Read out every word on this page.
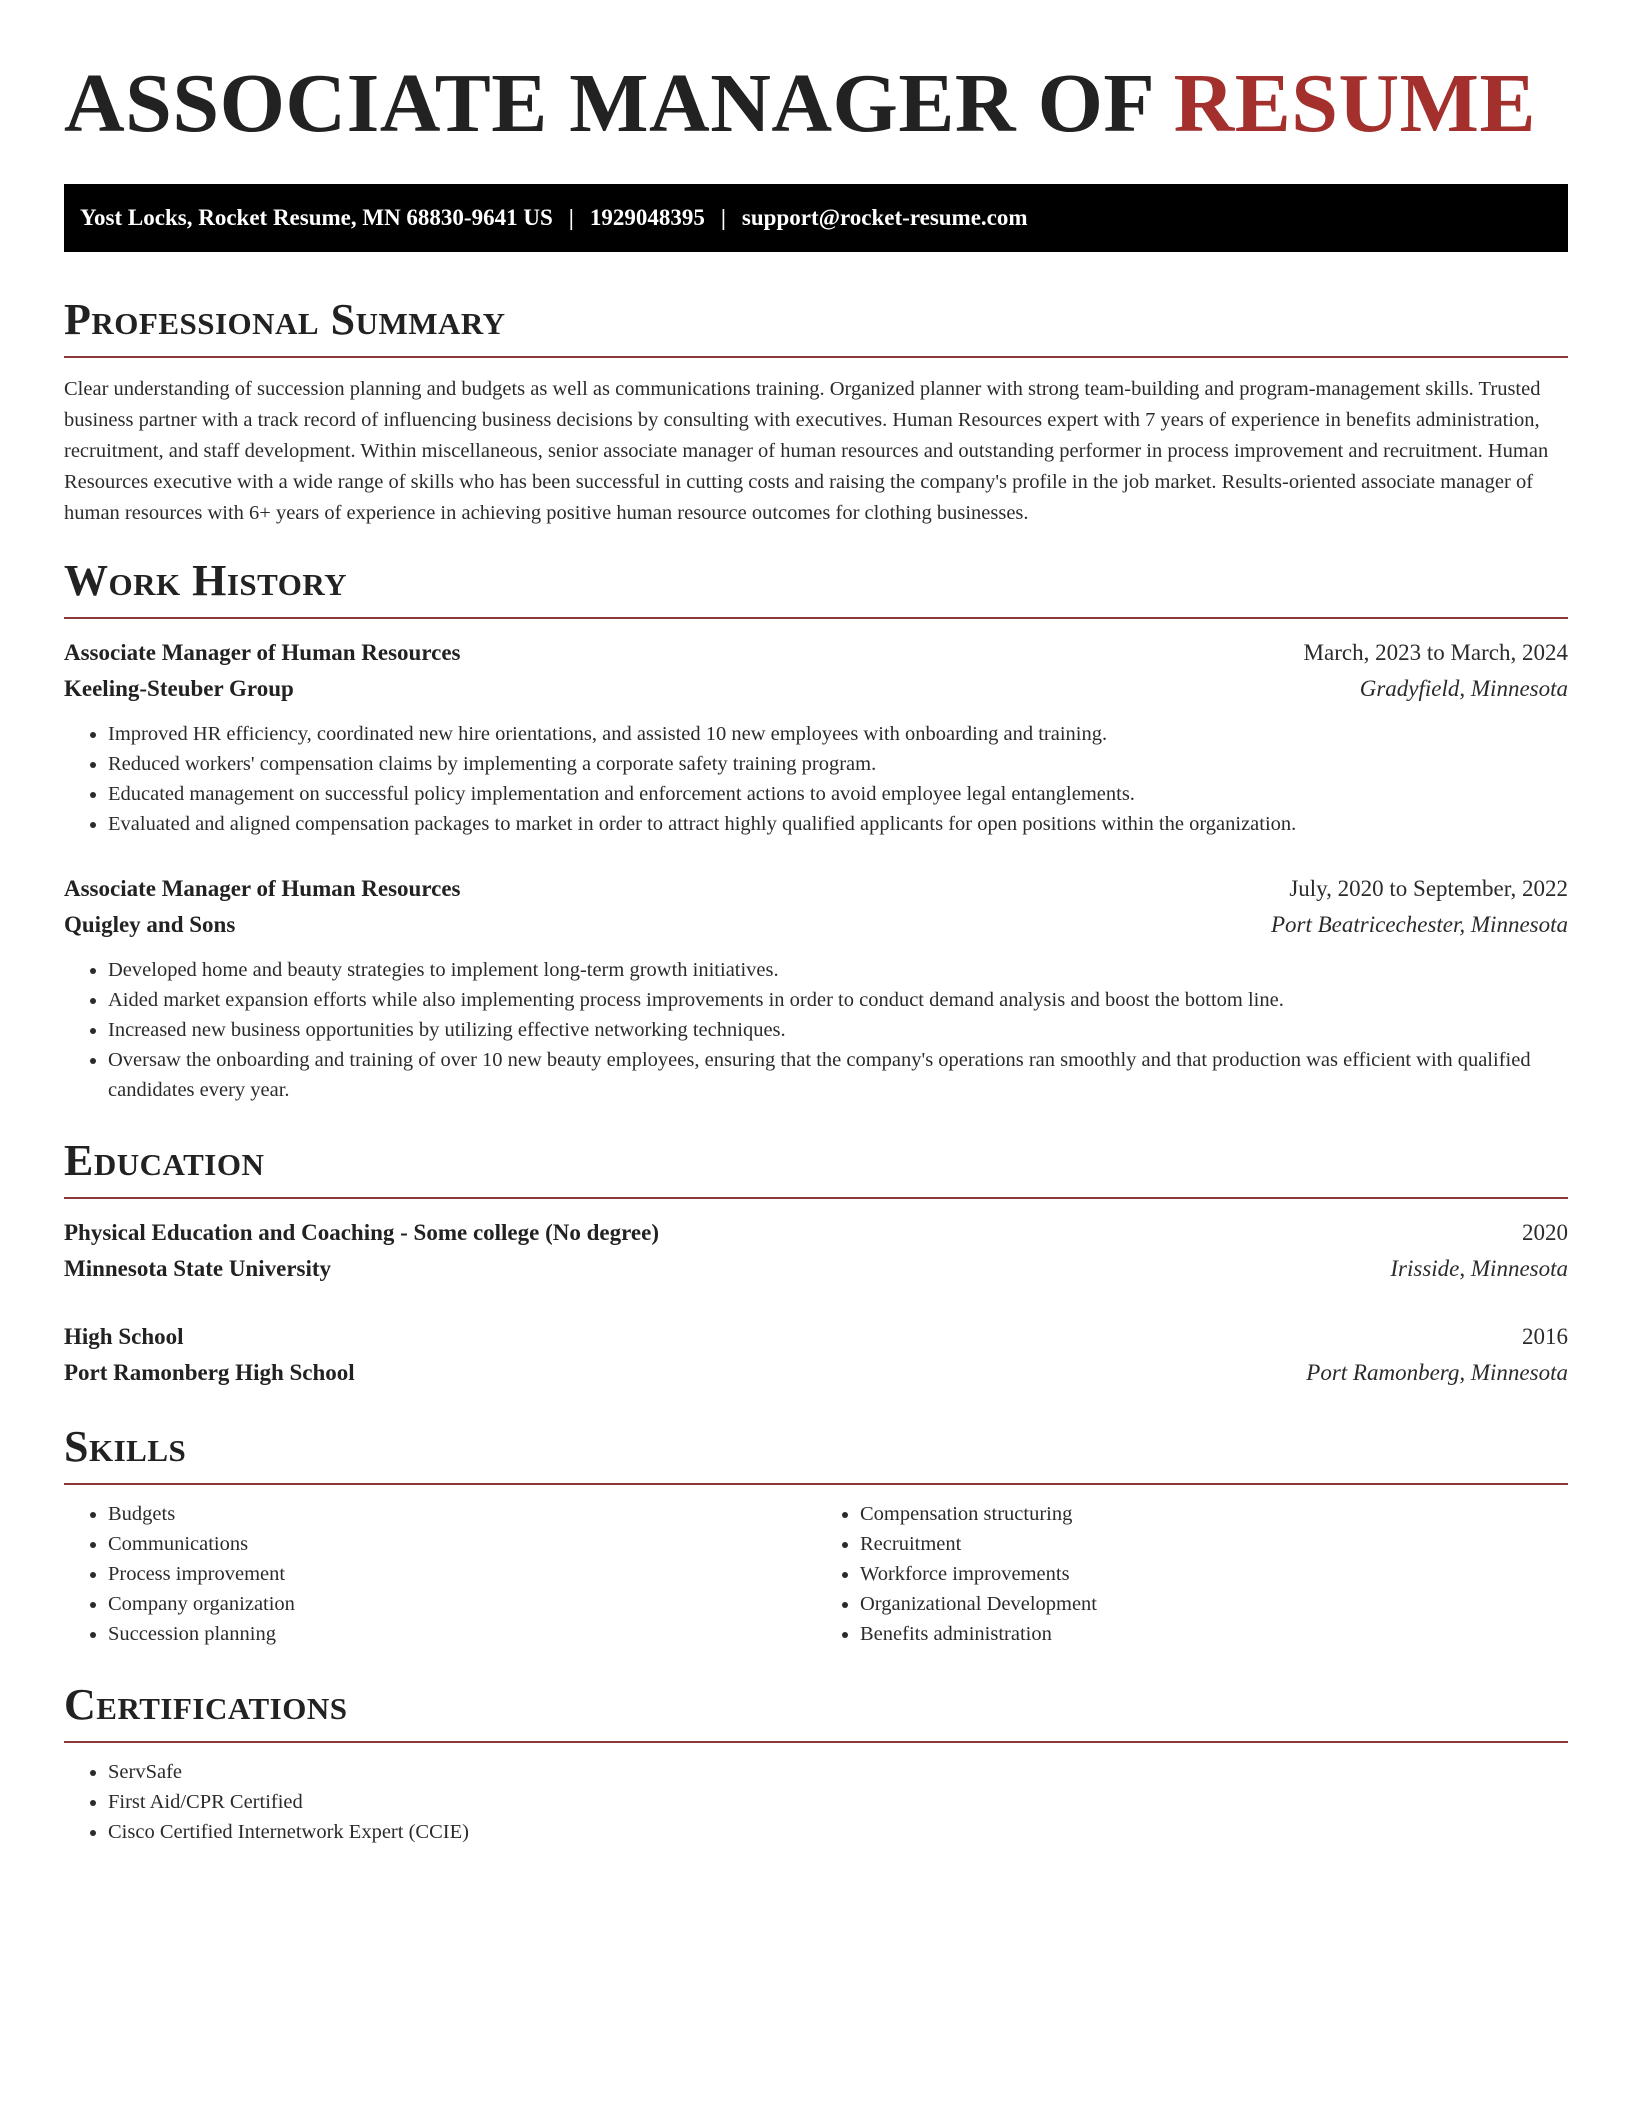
ASSOCIATE MANAGER OF RESUME
Yost Locks, Rocket Resume, MN 68830-9641 US | 1929048395 | support@rocket-resume.com
Professional Summary

Clear understanding of succession planning and budgets as well as communications training. Organized planner with strong team-building and program-management skills. Trusted business partner with a track record of influencing business decisions by consulting with executives. Human Resources expert with 7 years of experience in benefits administration, recruitment, and staff development. Within miscellaneous, senior associate manager of human resources and outstanding performer in process improvement and recruitment. Human Resources executive with a wide range of skills who has been successful in cutting costs and raising the company's profile in the job market. Results-oriented associate manager of human resources with 6+ years of experience in achieving positive human resource outcomes for clothing businesses.

Work History
Associate Manager of Human Resources	March, 2023 to March, 2024
Keeling-Steuber Group	Gradyfield, Minnesota
• Improved HR efficiency, coordinated new hire orientations, and assisted 10 new employees with onboarding and training.
• Reduced workers' compensation claims by implementing a corporate safety training program.
• Educated management on successful policy implementation and enforcement actions to avoid employee legal entanglements.
• Evaluated and aligned compensation packages to market in order to attract highly qualified applicants for open positions within the organization.
Associate Manager of Human Resources	July, 2020 to September, 2022
Quigley and Sons	Port Beatricechester, Minnesota
• Developed home and beauty strategies to implement long-term growth initiatives.
• Aided market expansion efforts while also implementing process improvements in order to conduct demand analysis and boost the bottom line.
• Increased new business opportunities by utilizing effective networking techniques.
• Oversaw the onboarding and training of over 10 new beauty employees, ensuring that the company's operations ran smoothly and that production was efficient with qualified candidates every year.
Education
Physical Education and Coaching - Some college (No degree)	2020
Minnesota State University	Irisside, Minnesota
High School	2016
Port Ramonberg High School	Port Ramonberg, Minnesota
Skills
• Budgets
• Communications
• Process improvement
• Company organization
• Succession planning
• Compensation structuring
• Recruitment
• Workforce improvements
• Organizational Development
• Benefits administration
Certifications
• ServSafe
• First Aid/CPR Certified
• Cisco Certified Internetwork Expert (CCIE)
